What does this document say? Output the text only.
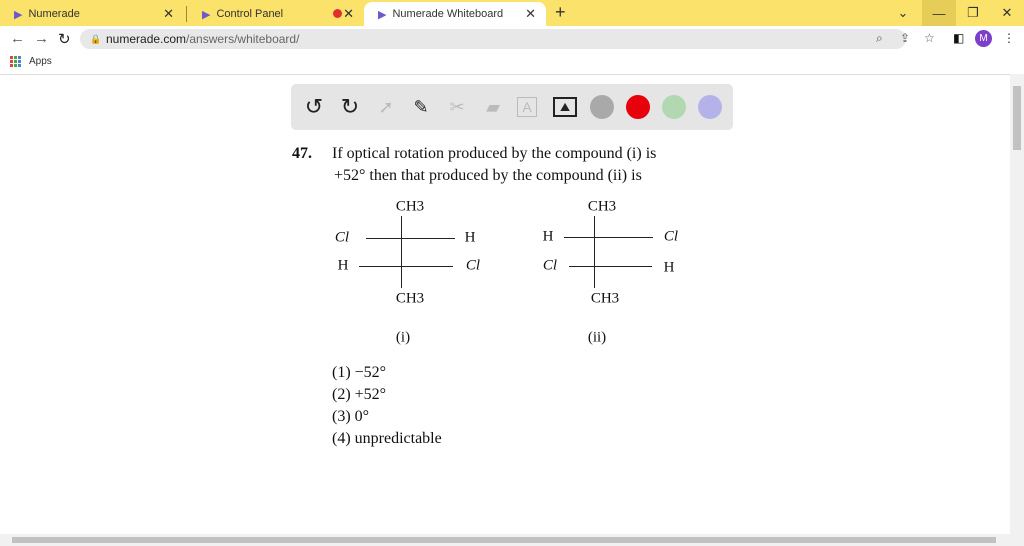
▶ Numerade	✕	▶ Control Panel	✕ ▶ Numerade Whiteboard ✕ +	⌄	—	❐	✕
← → ↻ 🔒 numerade.com/answers/whiteboard/	⌕ ⇪ ☆ ◧	M	⋮
Apps
↺ ↻ ➚ ✎ ✂ ▰	A	⛰
47. If optical rotation produced by the compound (i) is
+52° then that produced by the compound (ii) is
CH3
Cl	H
H	Cl
CH3
(i)
CH3
H	Cl
Cl	H
CH3
(ii)
(1) −52°
(2) +52°
(3) 0°
(4) unpredictable
